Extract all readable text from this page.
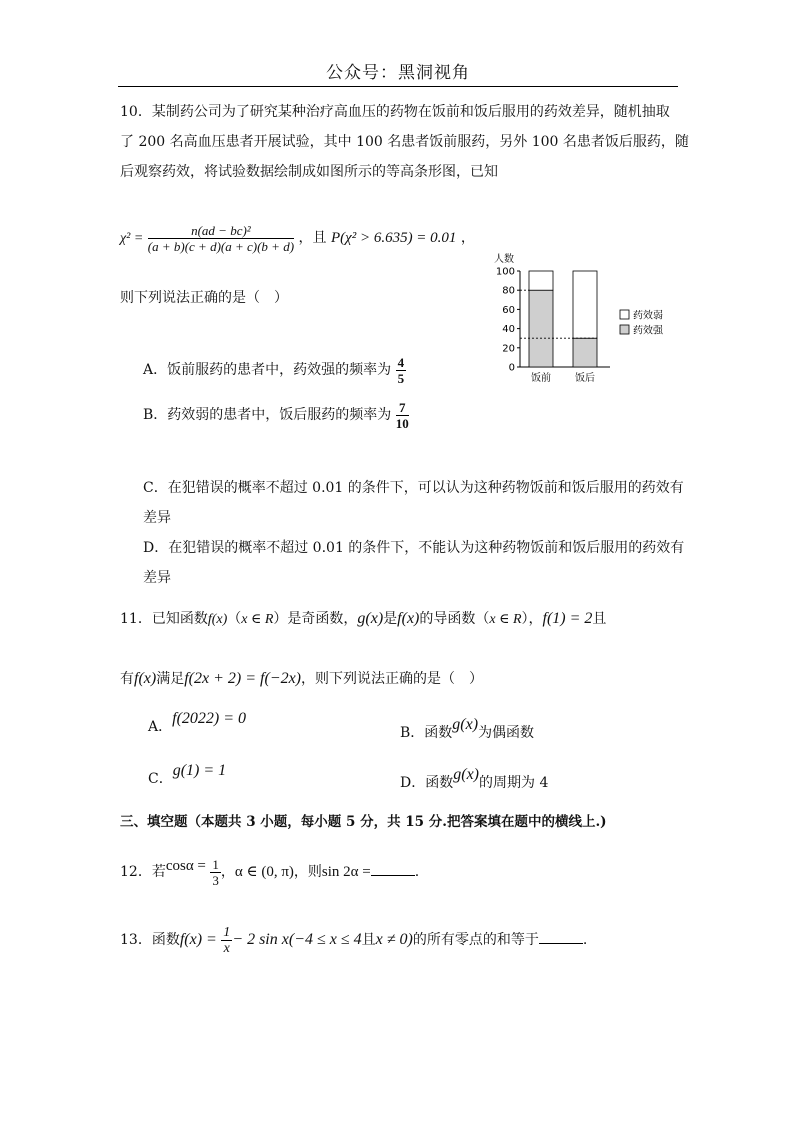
公众号：黑洞视角
10．某制药公司为了研究某种治疗高血压的药物在饭前和饭后服用的药效差异，随机抽取
了 200 名高血压患者开展试验，其中 100 名患者饭前服药，另外 100 名患者饭后服药，随
后观察药效，将试验数据绘制成如图所示的等高条形图，已知
$\chi^2 = \frac{\text{n(ad − bc)²}}{(a + b)(c + d)(a + c)(b + d)}$ ，且 P(χ² > 6.635) = 0.01 ，
则下列说法正确的是（　）
A．饭前服药的患者中，药效强的频率为 $\frac{4}{5}$
B．药效弱的患者中，饭后服药的频率为 $\frac{7}{10}$
C．在犯错误的概率不超过 0.01 的条件下，可以认为这种药物饭前和饭后服用的药效有
差异
D．在犯错误的概率不超过 0.01 的条件下，不能认为这种药物饭前和饭后服用的药效有
差异
人数
0
20
40
60
80
100
饭前 饭后
药效弱
药效强
11．已知函数f(x)（x ∈ R）是奇函数，g(x)是f(x)的导函数（x ∈ R），f(1) = 2且
有f(x)满足f(2x + 2) = f(−2x)，则下列说法正确的是（　）
A．f(2022) = 0
B．函数g(x)为偶函数
C．g(1) = 1
D．函数g(x)的周期为 4
三、填空题（本题共 3 小题，每小题 5 分，共 15 分.把答案填在题中的横线上.)
12．若$\cos\alpha = \frac{1}{3}$ ，α ∈ (0, π)，则sin 2α =	.
13．函数$f(x) = \frac{1}{x} - 2$ sin x(−4 ≤ x ≤ 4且x ≠ 0)的所有零点的和等于	.
